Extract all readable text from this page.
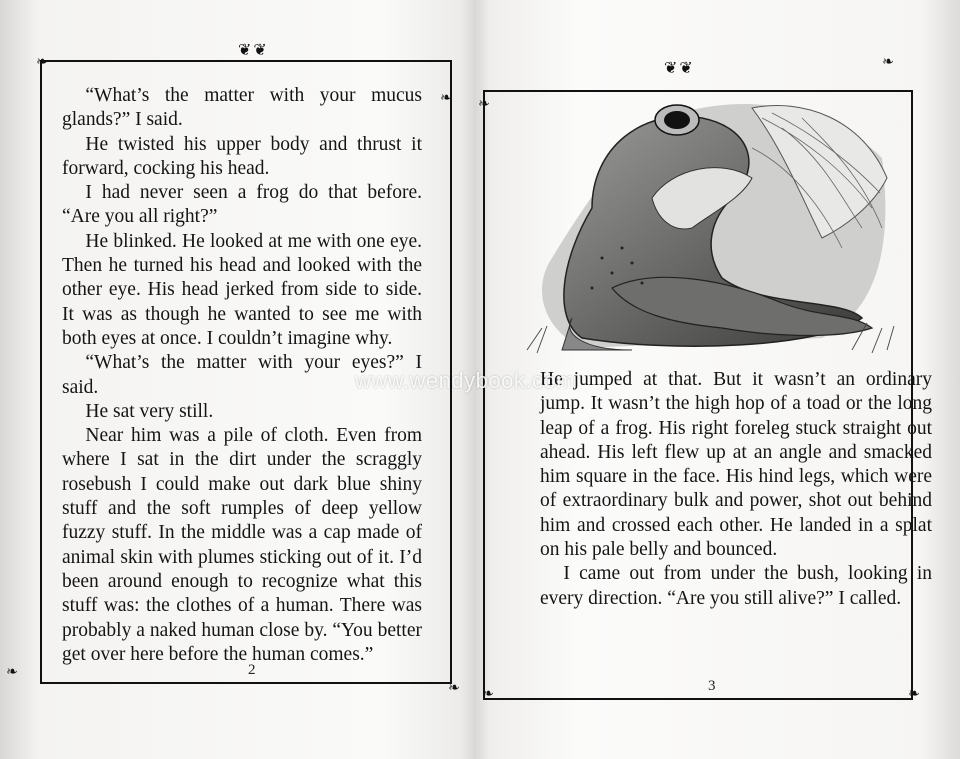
❦❦
❧
❧
❧
❧

“What’s the matter with your mucus glands?” I said.

He twisted his upper body and thrust it forward, cocking his head.

I had never seen a frog do that before. “Are you all right?”

He blinked. He looked at me with one eye. Then he turned his head and looked with the other eye. His head jerked from side to side. It was as though he wanted to see me with both eyes at once. I couldn’t imagine why.

“What’s the matter with your eyes?” I said.

He sat very still.

Near him was a pile of cloth. Even from where I sat in the dirt under the scraggly rosebush I could make out dark blue shiny stuff and the soft rumples of deep yellow fuzzy stuff. In the middle was a cap made of animal skin with plumes sticking out of it. I’d been around enough to recognize what this stuff was: the clothes of a human. There was probably a naked human close by. “You better get over here before the human comes.”

2
❦❦
❧
❧
❧	❧

He jumped at that. But it wasn’t an ordinary jump. It wasn’t the high hop of a toad or the long leap of a frog. His right foreleg stuck straight out ahead. His left flew up at an angle and smacked him square in the face. His hind legs, which were of extraordinary bulk and power, shot out behind him and crossed each other. He landed in a splat on his pale belly and bounced.

I came out from under the bush, looking in every direction. “Are you still alive?” I called.

3
www.wendybook.com
